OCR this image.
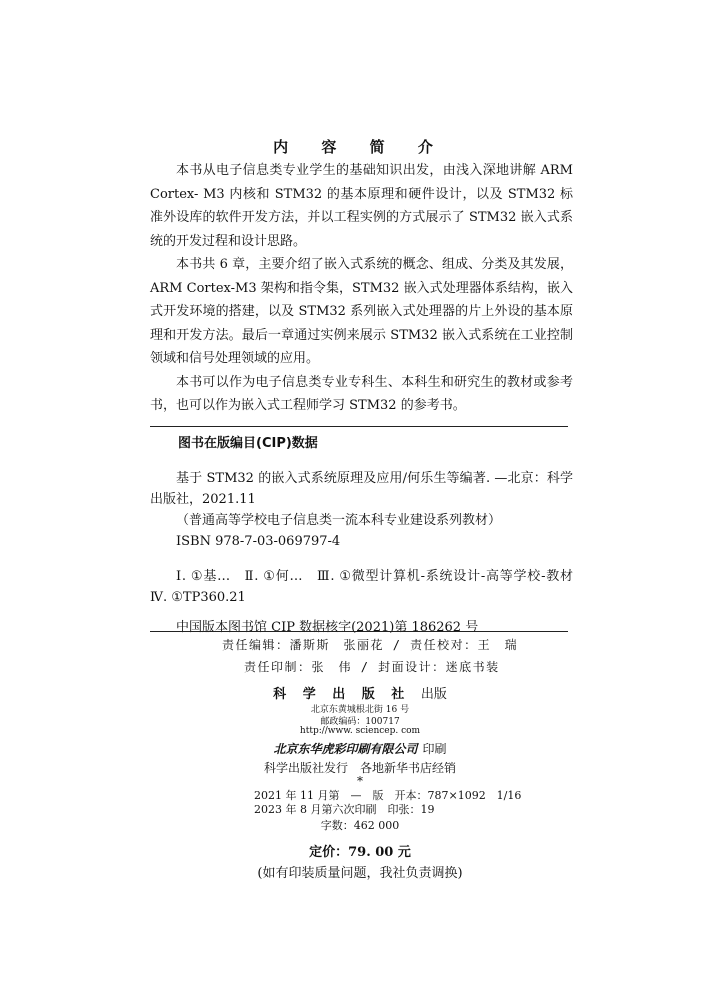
内 容 简 介

本书从电子信息类专业学生的基础知识出发，由浅入深地讲解 ARM Cortex- M3 内核和 STM32 的基本原理和硬件设计，以及 STM32 标准外设库的软件开发方法，并以工程实例的方式展示了 STM32 嵌入式系统的开发过程和设计思路。

本书共 6 章，主要介绍了嵌入式系统的概念、组成、分类及其发展，ARM Cortex-M3 架构和指令集，STM32 嵌入式处理器体系结构，嵌入式开发环境的搭建，以及 STM32 系列嵌入式处理器的片上外设的基本原理和开发方法。最后一章通过实例来展示 STM32 嵌入式系统在工业控制领域和信号处理领域的应用。

本书可以作为电子信息类专业专科生、本科生和研究生的教材或参考书，也可以作为嵌入式工程师学习 STM32 的参考书。

图书在版编目(CIP)数据

基于 STM32 的嵌入式系统原理及应用/何乐生等编著. —北京：科学出版社，2021.11

（普通高等学校电子信息类一流本科专业建设系列教材）

ISBN 978-7-03-069797-4

Ⅰ. ①基…　Ⅱ. ①何…　Ⅲ. ①微型计算机-系统设计-高等学校-教材　Ⅳ. ①TP360.21

中国版本图书馆 CIP 数据核字(2021)第 186262 号

责任编辑：潘斯斯　张丽花 / 责任校对：王　瑞
责任印制：张　伟 / 封面设计：迷底书装
科 学 出 版 社 出版
北京东黄城根北街 16 号
邮政编码：100717
http://www. sciencep. com
北京东华虎彩印刷有限公司 印刷
科学出版社发行　各地新华书店经销
*
2021 年 11 月第　—　版　开本：787×1092　1/16
2023 年 8 月第六次印刷　印张：19
字数：462 000
定价：79. 00 元
(如有印装质量问题，我社负责调换)
